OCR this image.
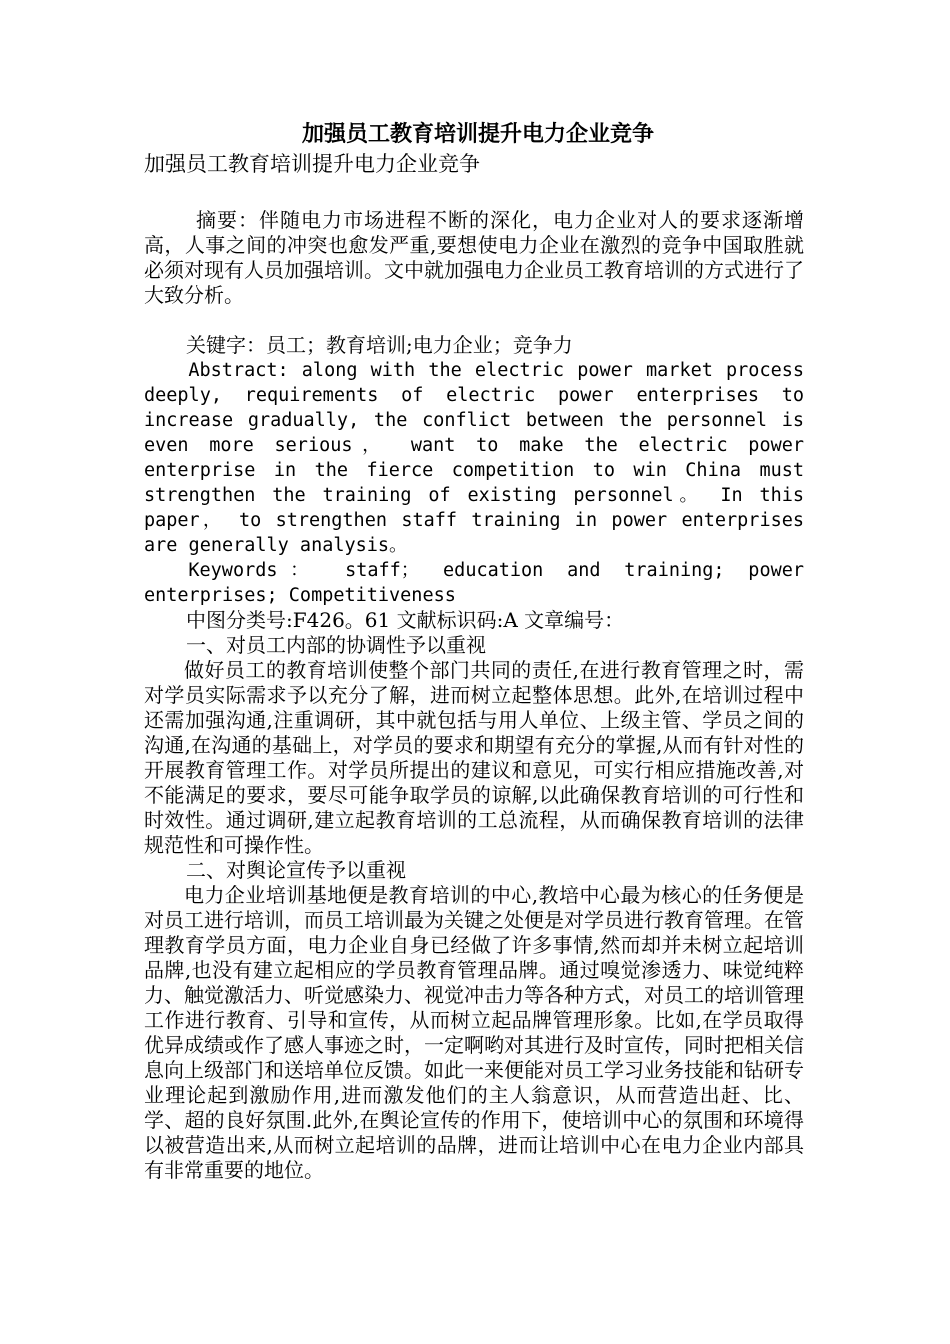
加强员工教育培训提升电力企业竞争

加强员工教育培训提升电力企业竞争

摘要：伴随电力市场进程不断的深化，电力企业对人的要求逐渐增高，人事之间的冲突也愈发严重,要想使电力企业在激烈的竞争中国取胜就必须对现有人员加强培训。文中就加强电力企业员工教育培训的方式进行了大致分析。

关键字：员工；教育培训;电力企业；竞争力

Abstract: along with the electric power market process deeply, requirements of electric power enterprises to increase gradually, the conflict between the personnel is even more serious， want to make the electric power enterprise in the fierce competition to win China must strengthen the training of existing personnel。 In this paper， to strengthen staff training in power enterprises are generally analysis。

Keywords： staff； education and training; power enterprises; Competitiveness

中图分类号:F426。61 文献标识码:A 文章编号：

一、对员工内部的协调性予以重视

做好员工的教育培训使整个部门共同的责任,在进行教育管理之时，需对学员实际需求予以充分了解，进而树立起整体思想。此外,在培训过程中还需加强沟通,注重调研，其中就包括与用人单位、上级主管、学员之间的沟通,在沟通的基础上，对学员的要求和期望有充分的掌握,从而有针对性的开展教育管理工作。对学员所提出的建议和意见，可实行相应措施改善,对不能满足的要求，要尽可能争取学员的谅解,以此确保教育培训的可行性和时效性。通过调研,建立起教育培训的工总流程，从而确保教育培训的法律规范性和可操作性。

二、对舆论宣传予以重视

电力企业培训基地便是教育培训的中心,教培中心最为核心的任务便是对员工进行培训，而员工培训最为关键之处便是对学员进行教育管理。在管理教育学员方面，电力企业自身已经做了许多事情,然而却并未树立起培训品牌,也没有建立起相应的学员教育管理品牌。通过嗅觉渗透力、味觉纯粹力、触觉激活力、听觉感染力、视觉冲击力等各种方式，对员工的培训管理工作进行教育、引导和宣传，从而树立起品牌管理形象。比如,在学员取得优异成绩或作了感人事迹之时，一定啊哟对其进行及时宣传，同时把相关信息向上级部门和送培单位反馈。如此一来便能对员工学习业务技能和钻研专业理论起到激励作用,进而激发他们的主人翁意识，从而营造出赶、比、学、超的良好氛围.此外,在舆论宣传的作用下，使培训中心的氛围和环境得以被营造出来,从而树立起培训的品牌，进而让培训中心在电力企业内部具有非常重要的地位。
